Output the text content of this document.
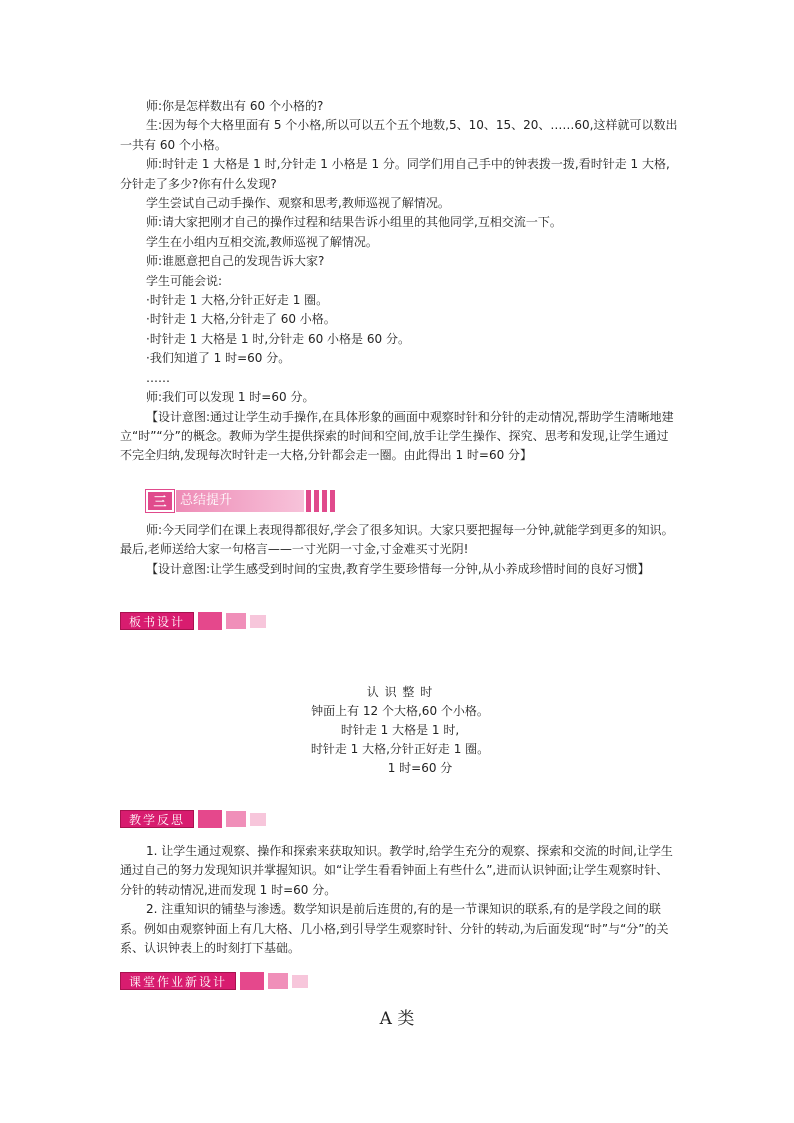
师:你是怎样数出有 60 个小格的?

生:因为每个大格里面有 5 个小格,所以可以五个五个地数,5、10、15、20、……60,这样就可以数出一共有 60 个小格。

师:时针走 1 大格是 1 时,分针走 1 小格是 1 分。同学们用自己手中的钟表拨一拨,看时针走 1 大格,分针走了多少?你有什么发现?

学生尝试自己动手操作、观察和思考,教师巡视了解情况。

师:请大家把刚才自己的操作过程和结果告诉小组里的其他同学,互相交流一下。

学生在小组内互相交流,教师巡视了解情况。

师:谁愿意把自己的发现告诉大家?

学生可能会说:

·时针走 1 大格,分针正好走 1 圈。

·时针走 1 大格,分针走了 60 小格。

·时针走 1 大格是 1 时,分针走 60 小格是 60 分。

·我们知道了 1 时=60 分。

……

师:我们可以发现 1 时=60 分。

【设计意图:通过让学生动手操作,在具体形象的画面中观察时针和分针的走动情况,帮助学生清晰地建立“时”“分”的概念。教师为学生提供探索的时间和空间,放手让学生操作、探究、思考和发现,让学生通过不完全归纳,发现每次时针走一大格,分针都会走一圈。由此得出 1 时=60 分】

三	总结提升

师:今天同学们在课上表现得都很好,学会了很多知识。大家只要把握每一分钟,就能学到更多的知识。最后,老师送给大家一句格言——一寸光阴一寸金,寸金难买寸光阴!

【设计意图:让学生感受到时间的宝贵,教育学生要珍惜每一分钟,从小养成珍惜时间的良好习惯】

板书设计

认 识 整 时

钟面上有 12 个大格,60 个小格。

时针走 1 大格是 1 时,

时针走 1 大格,分针正好走 1 圈。

1 时=60 分

教学反思

1. 让学生通过观察、操作和探索来获取知识。教学时,给学生充分的观察、探索和交流的时间,让学生通过自己的努力发现知识并掌握知识。如“让学生看看钟面上有些什么”,进而认识钟面;让学生观察时针、分针的转动情况,进而发现 1 时=60 分。

2. 注重知识的铺垫与渗透。数学知识是前后连贯的,有的是一节课知识的联系,有的是学段之间的联系。例如由观察钟面上有几大格、几小格,到引导学生观察时针、分针的转动,为后面发现“时”与“分”的关系、认识钟表上的时刻打下基础。

课堂作业新设计
A 类
